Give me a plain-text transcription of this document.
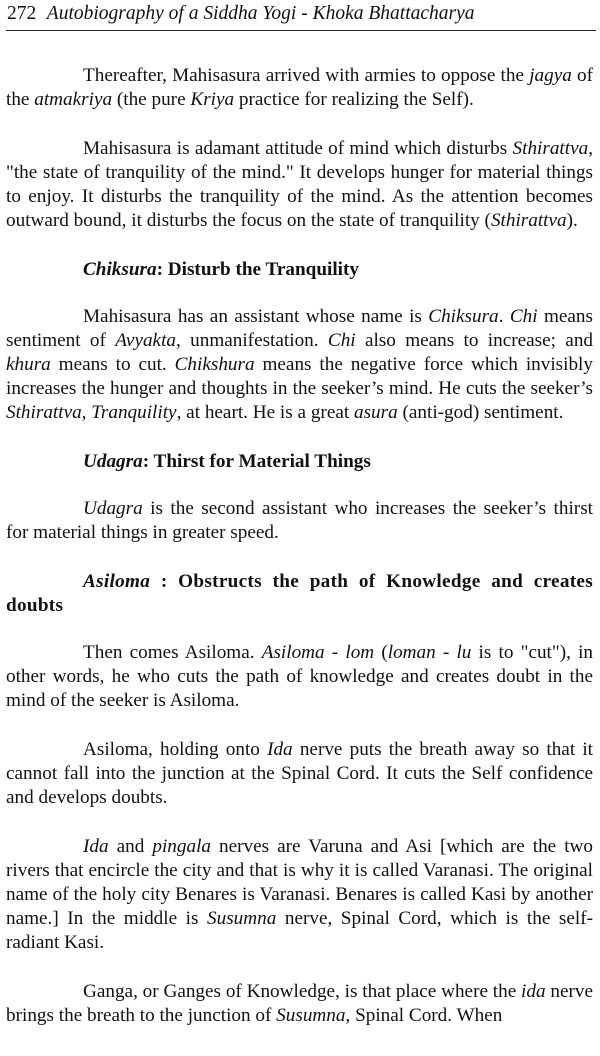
272 Autobiography of a Siddha Yogi - Khoka Bhattacharya

Thereafter, Mahisasura arrived with armies to oppose the jagya of the atmakriya (the pure Kriya practice for realizing the Self).

Mahisasura is adamant attitude of mind which disturbs Sthirattva, "the state of tranquility of the mind." It develops hunger for material things to enjoy. It disturbs the tranquility of the mind. As the attention becomes outward bound, it disturbs the focus on the state of tranquility (Sthirattva).

Chiksura: Disturb the Tranquility

Mahisasura has an assistant whose name is Chiksura. Chi means sentiment of Avyakta, unmanifestation. Chi also means to increase; and khura means to cut. Chikshura means the negative force which invisibly increases the hunger and thoughts in the seeker’s mind. He cuts the seeker’s Sthirattva, Tranquility, at heart. He is a great asura (anti-god) sentiment.

Udagra: Thirst for Material Things

Udagra is the second assistant who increases the seeker’s thirst for material things in greater speed.

Asiloma : Obstructs the path of Knowledge and creates doubts

Then comes Asiloma. Asiloma - lom (loman - lu is to "cut"), in other words, he who cuts the path of knowledge and creates doubt in the mind of the seeker is Asiloma.

Asiloma, holding onto Ida nerve puts the breath away so that it cannot fall into the junction at the Spinal Cord. It cuts the Self confidence and develops doubts.

Ida and pingala nerves are Varuna and Asi [which are the two rivers that encircle the city and that is why it is called Varanasi. The original name of the holy city Benares is Varanasi. Benares is called Kasi by another name.] In the middle is Susumna nerve, Spinal Cord, which is the self-radiant Kasi.

Ganga, or Ganges of Knowledge, is that place where the ida nerve brings the breath to the junction of Susumna, Spinal Cord. When
